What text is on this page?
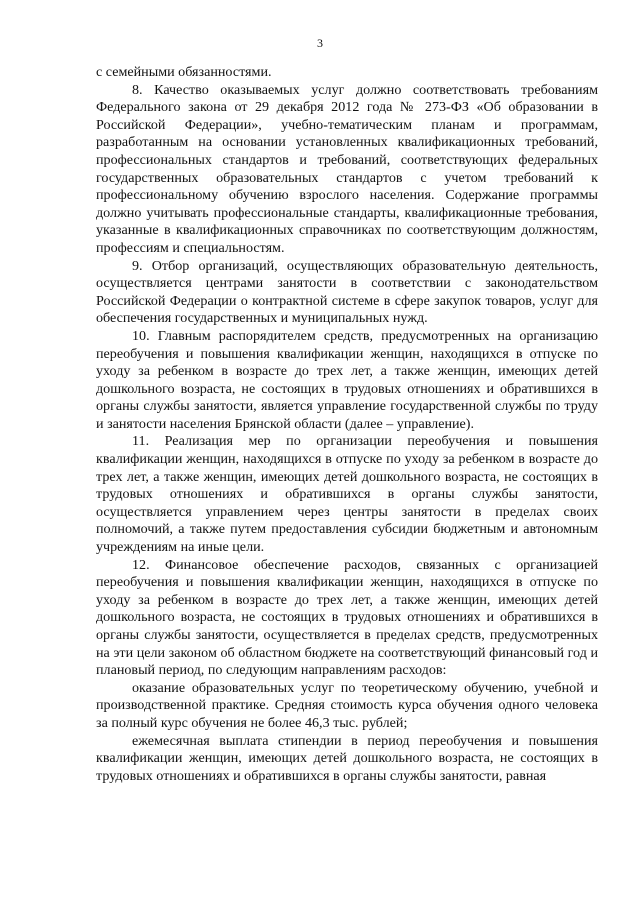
3

с семейными обязанностями.

8. Качество оказываемых услуг должно соответствовать требованиям Федерального закона от 29 декабря 2012 года № 273-ФЗ «Об образовании в Российской Федерации», учебно-тематическим планам и программам, разработанным на основании установленных квалификационных требований, профессиональных стандартов и требований, соответствующих федеральных государственных образовательных стандартов с учетом требований к профессиональному обучению взрослого населения. Содержание программы должно учитывать профессиональные стандарты, квалификационные требования, указанные в квалификационных справочниках по соответствующим должностям, профессиям и специальностям.

9. Отбор организаций, осуществляющих образовательную деятельность, осуществляется центрами занятости в соответствии с законодательством Российской Федерации о контрактной системе в сфере закупок товаров, услуг для обеспечения государственных и муниципальных нужд.

10. Главным распорядителем средств, предусмотренных на организацию переобучения и повышения квалификации женщин, находящихся в отпуске по уходу за ребенком в возрасте до трех лет, а также женщин, имеющих детей дошкольного возраста, не состоящих в трудовых отношениях и обратившихся в органы службы занятости, является управление государственной службы по труду и занятости населения Брянской области (далее – управление).

11. Реализация мер по организации переобучения и повышения квалификации женщин, находящихся в отпуске по уходу за ребенком в возрасте до трех лет, а также женщин, имеющих детей дошкольного возраста, не состоящих в трудовых отношениях и обратившихся в органы службы занятости, осуществляется управлением через центры занятости в пределах своих полномочий, а также путем предоставления субсидии бюджетным и автономным учреждениям на иные цели.

12. Финансовое обеспечение расходов, связанных с организацией переобучения и повышения квалификации женщин, находящихся в отпуске по уходу за ребенком в возрасте до трех лет, а также женщин, имеющих детей дошкольного возраста, не состоящих в трудовых отношениях и обратившихся в органы службы занятости, осуществляется в пределах средств, предусмотренных на эти цели законом об областном бюджете на соответствующий финансовый год и плановый период, по следующим направлениям расходов:

оказание образовательных услуг по теоретическому обучению, учебной и производственной практике. Средняя стоимость курса обучения одного человека за полный курс обучения не более 46,3 тыс. рублей;

ежемесячная выплата стипендии в период переобучения и повышения квалификации женщин, имеющих детей дошкольного возраста, не состоящих в трудовых отношениях и обратившихся в органы службы занятости, равная
